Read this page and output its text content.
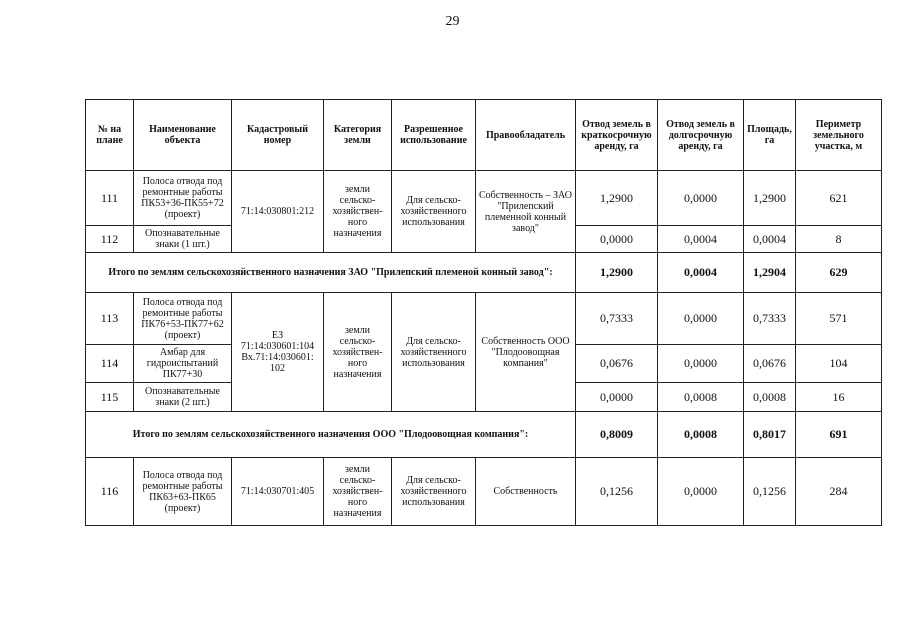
29
№ на плане	Наименование объекта	Кадастровый номер	Категория земли	Разрешенное использование	Правообладатель	Отвод земель в краткосрочную аренду, га	Отвод земель в долгосрочную аренду, га	Площадь, га	Периметр земельного участка, м
111	Полоса отвода под ремонтные работы ПК53+36-ПК55+72 (проект)	71:14:030801:212	земли сельско-хозяйствен-ного назначения	Для сельско-хозяйственного использования	Собственность – ЗАО "Прилепский племенной конный завод"	1,2900	0,0000	1,2900	621
112	Опознавательные знаки (1 шт.)					0,0000	0,0004	0,0004	8
Итого по землям сельскохозяйственного назначения ЗАО "Прилепский племеной конный завод":						1,2900	0,0004	1,2904	629
113	Полоса отвода под ремонтные работы ПК76+53-ПК77+62 (проект)	ЕЗ 71:14:030601:104 Вх.71:14:030601: 102	земли сельско-хозяйствен-ного назначения	Для сельско-хозяйственного использования	Собственность ООО "Плодоовощная компания"	0,7333	0,0000	0,7333	571
114	Амбар для гидроиспытаний ПК77+30					0,0676	0,0000	0,0676	104
115	Опознавательные знаки (2 шт.)					0,0000	0,0008	0,0008	16
Итого по землям сельскохозяйственного назначения ООО "Плодоовощная компания":						0,8009	0,0008	0,8017	691
116	Полоса отвода под ремонтные работы ПК63+63-ПК65 (проект)	71:14:030701:405	земли сельско-хозяйствен-ного назначения	Для сельско-хозяйственного использования	Собственность	0,1256	0,0000	0,1256	284
